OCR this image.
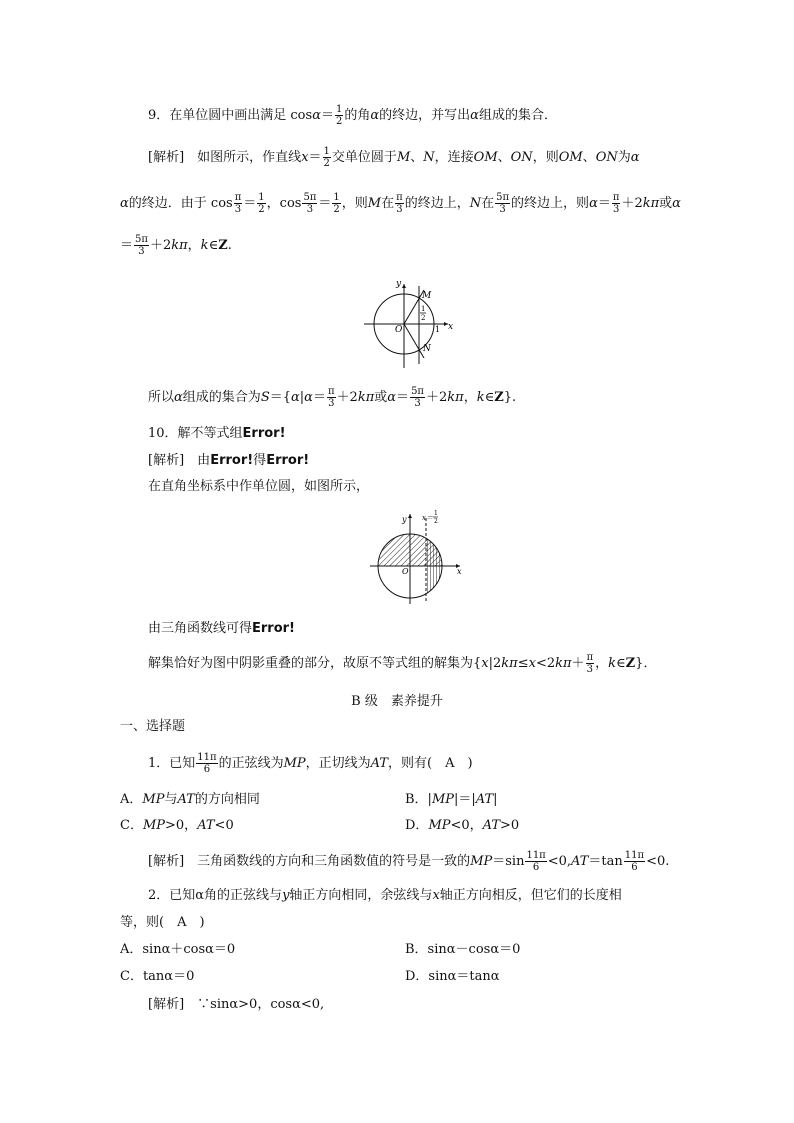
9．在单位圆中画出满足 $\cos\alpha= \frac{1}{2}$ 的角α的终边，并写出α组成的集合．
[解析]　 如图所示，作直线$x= \frac{1}{2}$ 交单位圆于M、N，连接OM、ON，则OM、ON为α
α的终边．由于 $\cos \frac{\pi}{3} = \frac{1}{2}$ ，$\cos \frac{5\pi}{3} = \frac{1}{2}$ ，则M在 $\frac{\pi}{3}$ 的终边上，N在 $\frac{5\pi}{3}$ 的终边上，则$\alpha= \frac{\pi}{3} +2k\pi$或α
＝ $\frac{5\pi}{3} +2k\pi$，k∈Z.
y
x
O
M
N
1
1
2
所以α组成的集合为$S=\{\alpha|\alpha= \frac{\pi}{3} +2k\pi$或$\alpha= \frac{5\pi}{3} +2k\pi$，k∈Z}.
10．解不等式组Error!
[解析]　 由Error!得Error!
在直角坐标系中作单位圆，如图所示，
y
x
O
x＝
1
2
由三角函数线可得Error!
解集恰好为图中阴影重叠的部分，故原不等式组的解集为{$x|2k\pi\le x<2k\pi+ \frac{\pi}{3}$ ，k∈Z}．
B 级　素养提升
一、选择题
1．已知 $\frac{11\pi}{6}$ 的正弦线为MP，正切线为AT，则有(　A　)
A．MP与AT的方向相同	B．|MP|＝|AT|
C．MP>0，AT<0	D．MP<0，AT>0
[解析]　 三角函数线的方向和三角函数值的符号是一致的$MP=\sin \frac{11\pi}{6} <0,AT=\tan \frac{11\pi}{6} <0$.
2．已知α角的正弦线与y轴正方向相同，余弦线与x轴正方向相反，但它们的长度相
等，则(　A　)
A．sinα＋cosα＝0	B．sinα－cosα＝0
C．tanα＝0	D．sinα＝tanα
[解析]　 ∵sinα>0，cosα<0,
